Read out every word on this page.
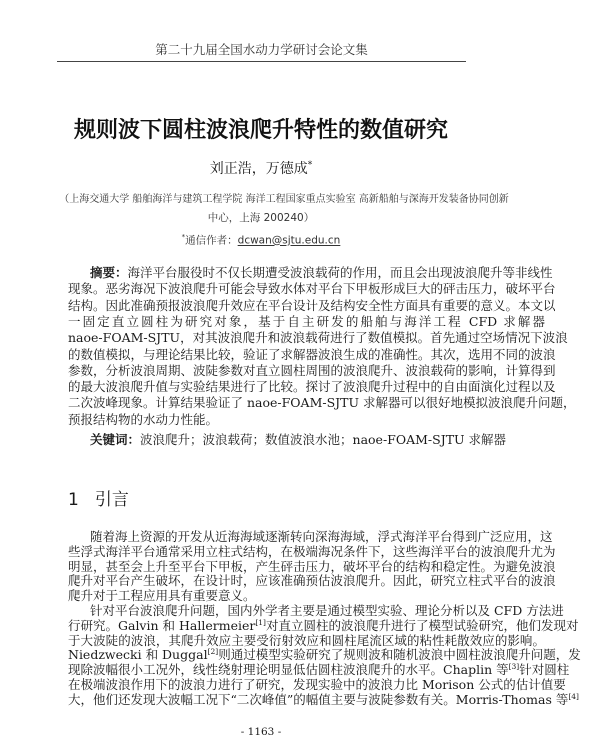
第二十九届全国水动力学研讨会论文集
规则波下圆柱波浪爬升特性的数值研究
刘正浩，万德成*
（上海交通大学 船舶海洋与建筑工程学院 海洋工程国家重点实验室 高新船舶与深海开发装备协同创新
中心，上海 200240）
*通信作者：dcwan@sjtu.edu.cn
摘要：海洋平台服役时不仅长期遭受波浪载荷的作用，而且会出现波浪爬升等非线性
现象。恶劣海况下波浪爬升可能会导致水体对平台下甲板形成巨大的砰击压力，破坏平台
结构。因此准确预报波浪爬升效应在平台设计及结构安全性方面具有重要的意义。本文以
一固定直立圆柱为研究对象，基于自主研发的船舶与海洋工程 CFD 求解器
naoe-FOAM-SJTU，对其波浪爬升和波浪载荷进行了数值模拟。首先通过空场情况下波浪
的数值模拟，与理论结果比较，验证了求解器波浪生成的准确性。其次，选用不同的波浪
参数，分析波浪周期、波陡参数对直立圆柱周围的波浪爬升、波浪载荷的影响，计算得到
的最大波浪爬升值与实验结果进行了比较。探讨了波浪爬升过程中的自由面演化过程以及
二次波峰现象。计算结果验证了 naoe-FOAM-SJTU 求解器可以很好地模拟波浪爬升问题，
预报结构物的水动力性能。
关键词：波浪爬升；波浪载荷；数值波浪水池；naoe-FOAM-SJTU 求解器
1 引言
随着海上资源的开发从近海海域逐渐转向深海海域，浮式海洋平台得到广泛应用，这
些浮式海洋平台通常采用立柱式结构，在极端海况条件下，这些海洋平台的波浪爬升尤为
明显，甚至会上升至平台下甲板，产生砰击压力，破坏平台的结构和稳定性。为避免波浪
爬升对平台产生破坏，在设计时，应该准确预估波浪爬升。因此，研究立柱式平台的波浪
爬升对于工程应用具有重要意义。
针对平台波浪爬升问题，国内外学者主要是通过模型实验、理论分析以及 CFD 方法进
行研究。Galvin 和 Hallermeier[1]对直立圆柱的波浪爬升进行了模型试验研究，他们发现对
于大波陡的波浪，其爬升效应主要受衍射效应和圆柱尾流区域的粘性耗散效应的影响。
Niedzwecki 和 Duggal[2]则通过模型实验研究了规则波和随机波浪中圆柱波浪爬升问题，发
现除波幅很小工况外，线性绕射理论明显低估圆柱波浪爬升的水平。Chaplin 等[3]针对圆柱
在极端波浪作用下的波浪力进行了研究，发现实验中的波浪力比 Morison 公式的估计值要
大，他们还发现大波幅工况下“二次峰值”的幅值主要与波陡参数有关。Morris-Thomas 等[4]
- 1163 -
